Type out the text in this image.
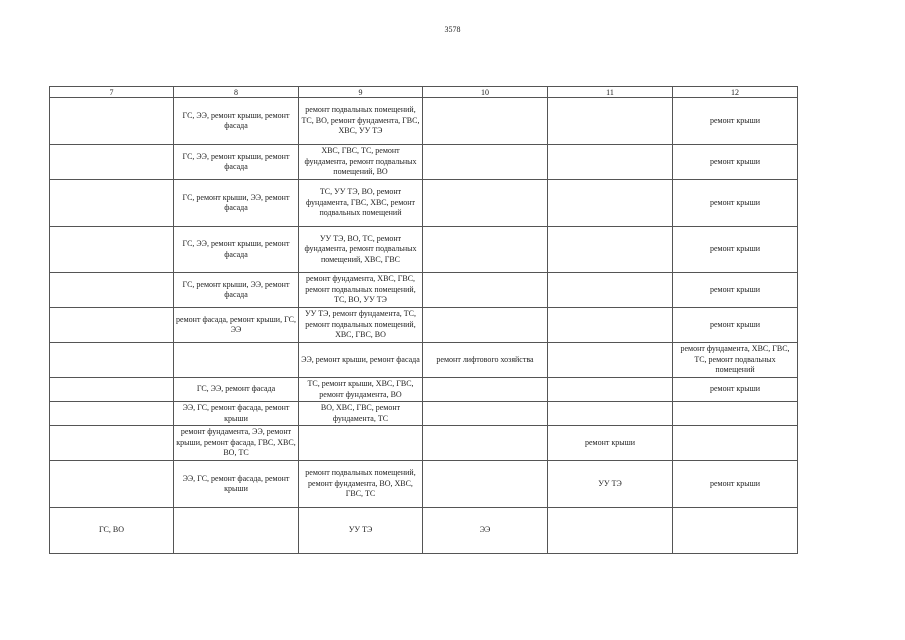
3578
7	8	9	10	11	12
	ГС, ЭЭ, ремонт крыши, ремонт фасада	ремонт подвальных помещений, ТС, ВО, ремонт фундамента, ГВС, ХВС, УУ ТЭ			ремонт крыши
	ГС, ЭЭ, ремонт крыши, ремонт фасада	ХВС, ГВС, ТС, ремонт фундамента, ремонт подвальных помещений, ВО			ремонт крыши
	ГС, ремонт крыши, ЭЭ, ремонт фасада	ТС, УУ ТЭ, ВО, ремонт фундамента, ГВС, ХВС, ремонт подвальных помещений			ремонт крыши
	ГС, ЭЭ, ремонт крыши, ремонт фасада	УУ ТЭ, ВО, ТС, ремонт фундамента, ремонт подвальных помещений, ХВС, ГВС			ремонт крыши
	ГС, ремонт крыши, ЭЭ, ремонт фасада	ремонт фундамента, ХВС, ГВС, ремонт подвальных помещений, ТС, ВО, УУ ТЭ			ремонт крыши
	ремонт фасада, ремонт крыши, ГС, ЭЭ	УУ ТЭ, ремонт фундамента, ТС, ремонт подвальных помещений, ХВС, ГВС, ВО			ремонт крыши
		ЭЭ, ремонт крыши, ремонт фасада	ремонт лифтового хозяйства		ремонт фундамента, ХВС, ГВС, ТС, ремонт подвальных помещений
	ГС, ЭЭ, ремонт фасада	ТС, ремонт крыши, ХВС, ГВС, ремонт фундамента, ВО			ремонт крыши
	ЭЭ, ГС, ремонт фасада, ремонт крыши	ВО, ХВС, ГВС, ремонт фундамента, ТС			
	ремонт фундамента, ЭЭ, ремонт крыши, ремонт фасада, ГВС, ХВС, ВО, ТС			ремонт крыши	
	ЭЭ, ГС, ремонт фасада, ремонт крыши	ремонт подвальных помещений, ремонт фундамента, ВО, ХВС, ГВС, ТС		УУ ТЭ	ремонт крыши
ГС, ВО		УУ ТЭ	ЭЭ		
